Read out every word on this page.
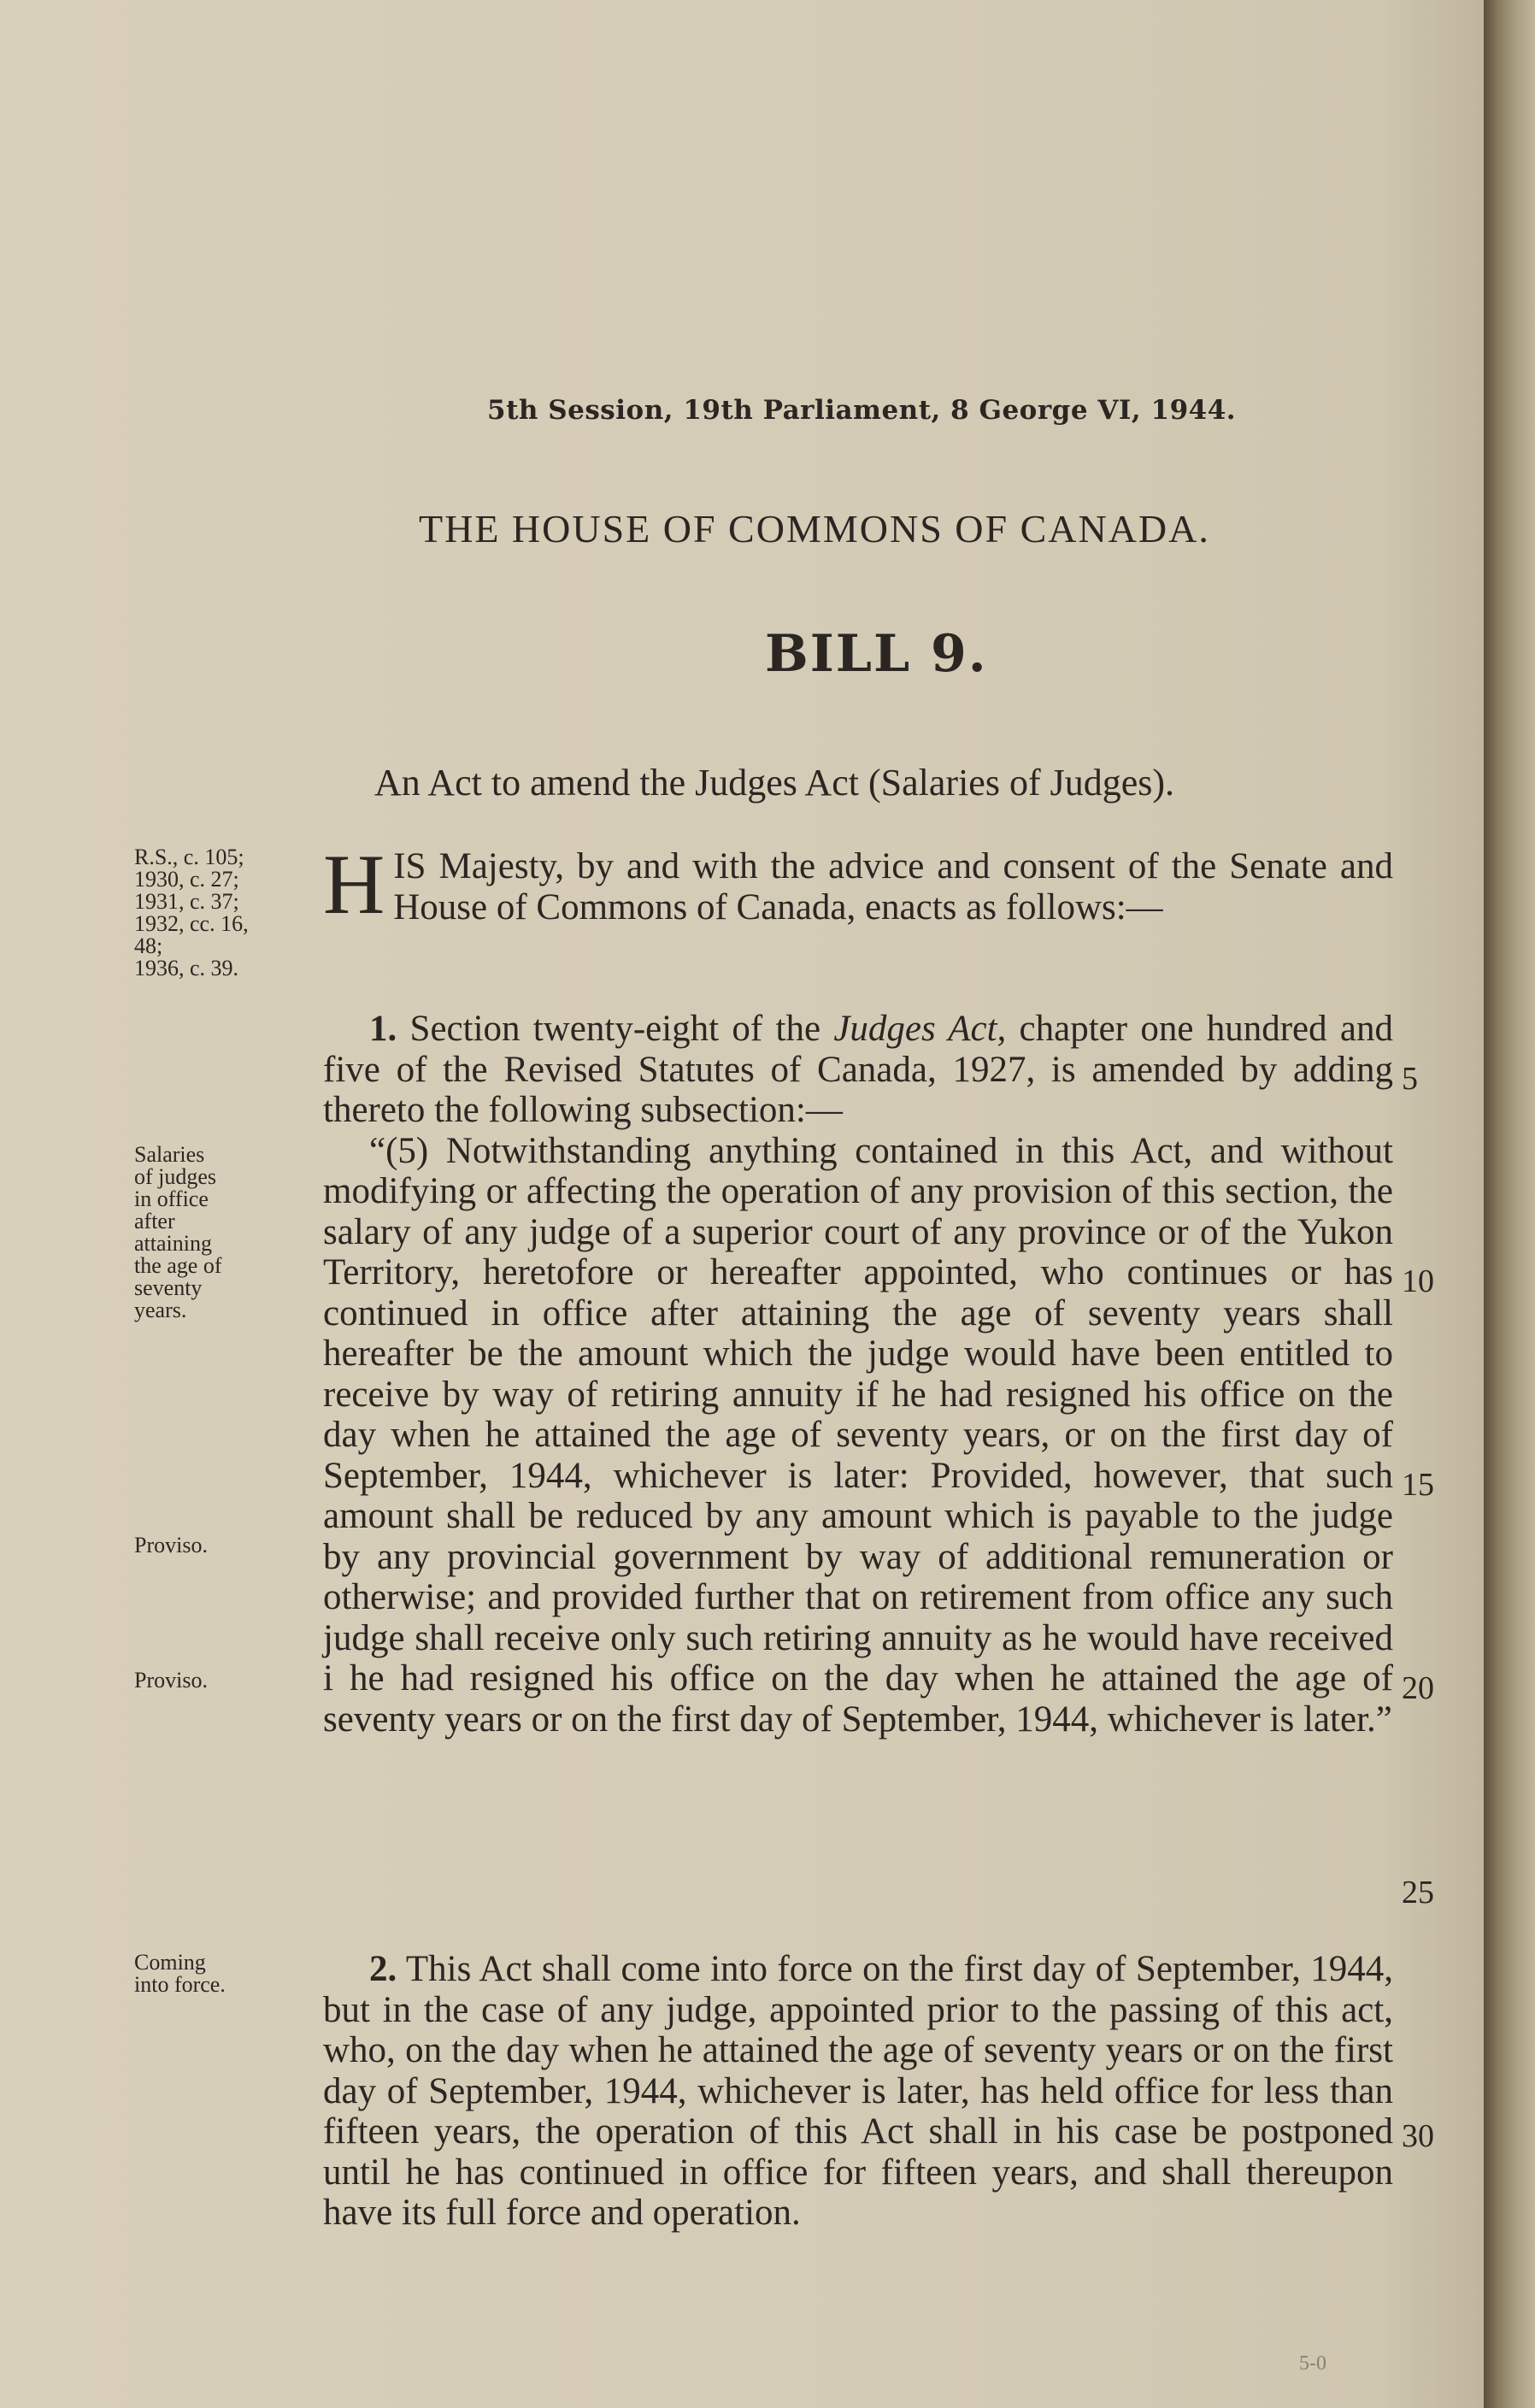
5th Session, 19th Parliament, 8 George VI, 1944.
THE HOUSE OF COMMONS OF CANADA.
BILL 9.
An Act to amend the Judges Act (Salaries of Judges).
R.S., c. 105;
1930, c. 27;
1931, c. 37;
1932, cc. 16,
48;
1936, c. 39.
Salaries
of judges
in office
after
attaining
the age of
seventy
years.
Proviso.
Proviso.
Coming
into force.

HIS Majesty, by and with the advice and consent of the Senate and House of Commons of Canada, enacts as follows:—

1. Section twenty-eight of the Judges Act, chapter one hundred and five of the Revised Statutes of Canada, 1927, is amended by adding thereto the following subsection:—

“(5) Notwithstanding anything contained in this Act, and without modifying or affecting the operation of any provision of this section, the salary of any judge of a superior court of any province or of the Yukon Territory, heretofore or hereafter appointed, who continues or has continued in office after attaining the age of seventy years shall hereafter be the amount which the judge would have been entitled to receive by way of retiring annuity if he had resigned his office on the day when he attained the age of seventy years, or on the first day of September, 1944, whichever is later: Provided, however, that such amount shall be reduced by any amount which is payable to the judge by any provincial government by way of additional remuneration or otherwise; and provided further that on retirement from office any such judge shall receive only such retiring annuity as he would have received i he had resigned his office on the day when he attained the age of seventy years or on the first day of September, 1944, whichever is later.”

2. This Act shall come into force on the first day of September, 1944, but in the case of any judge, appointed prior to the passing of this act, who, on the day when he attained the age of seventy years or on the first day of September, 1944, whichever is later, has held office for less than fifteen years, the operation of this Act shall in his case be postponed until he has continued in office for fifteen years, and shall thereupon have its full force and operation.

5
10
15
20
25
30
5-0
